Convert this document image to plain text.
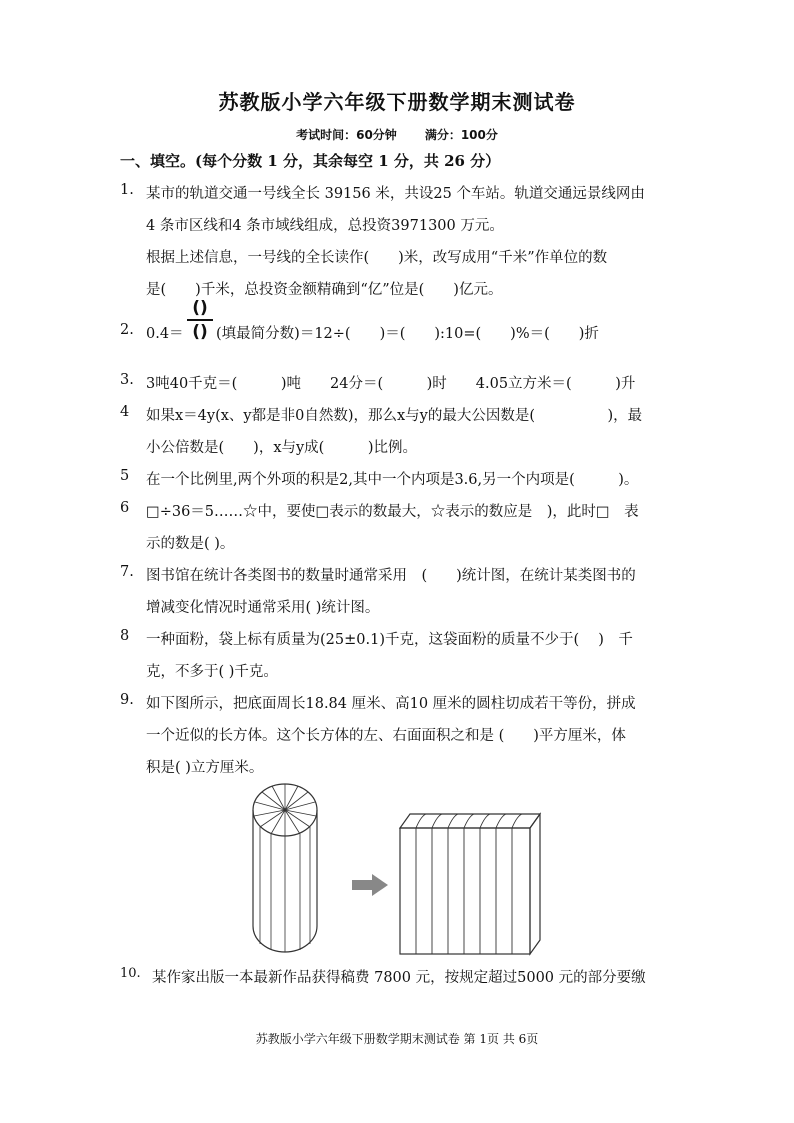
苏教版小学六年级下册数学期末测试卷
考试时间：60分钟 满分：100分
一、填空。(每个分数 1 分，其余每空 1 分，共 26 分）
1. 某市的轨道交通一号线全长 39156 米，共设25 个车站。轨道交通远景线网由
4 条市区线和4 条市域线组成，总投资3971300 万元。
根据上述信息，一号线的全长读作(　　)米，改写成用“千米”作单位的数
是(　　)千米，总投资金额精确到“亿”位是(　　)亿元。
2. 0.4＝
()
() (填最简分数)＝12÷(　　)＝(　　):10=(　　)%＝(　　)折
3. 3吨40千克＝(　　　)吨　　24分＝(　　　)时　　4.05立方米＝(　　　)升
4 如果x＝4y(x、y都是非0自然数)，那么x与y的最大公因数是(　　　　　)，最
小公倍数是(　　)，x与y成(　　　)比例。
5 在一个比例里,两个外项的积是2,其中一个内项是3.6,另一个内项是(　　　)。
6 □÷36＝5……☆中，要使□表示的数最大，☆表示的数应是　)，此时□　表
示的数是( )。
7. 图书馆在统计各类图书的数量时通常采用　(　　)统计图，在统计某类图书的
增减变化情况时通常采用( )统计图。
8 一种面粉，袋上标有质量为(25±0.1)千克，这袋面粉的质量不少于(　 )　千
克，不多于( )千克。
9. 如下图所示，把底面周长18.84 厘米、高10 厘米的圆柱切成若干等份，拼成
一个近似的长方体。这个长方体的左、右面面积之和是 (　　)平方厘米，体
积是( )立方厘米。
10. 某作家出版一本最新作品获得稿费 7800 元，按规定超过5000 元的部分要缴
苏教版小学六年级下册数学期末测试卷 第 1页 共 6页
